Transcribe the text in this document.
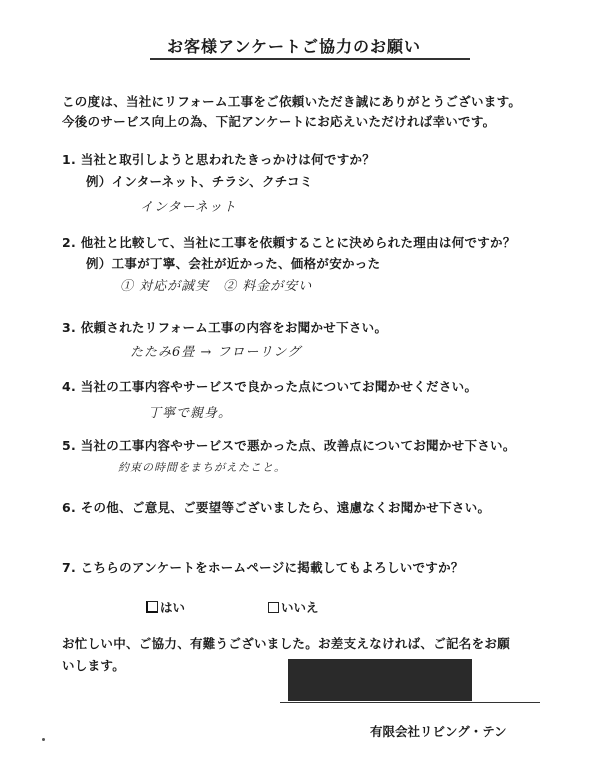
お客様アンケートご協力のお願い
この度は、当社にリフォーム工事をご依頼いただき誠にありがとうございます。
今後のサービス向上の為、下記アンケートにお応えいただければ幸いです。
1. 当社と取引しようと思われたきっかけは何ですか？
例）インターネット、チラシ、クチコミ
インターネット
2. 他社と比較して、当社に工事を依頼することに決められた理由は何ですか？
例）工事が丁寧、会社が近かった、価格が安かった
① 対応が誠実　② 料金が安い
3. 依頼されたリフォーム工事の内容をお聞かせ下さい。
たたみ6畳 → フローリング
4. 当社の工事内容やサービスで良かった点についてお聞かせください。
丁寧で親身。
5. 当社の工事内容やサービスで悪かった点、改善点についてお聞かせ下さい。
約束の時間をまちがえたこと。
6. その他、ご意見、ご要望等ございましたら、遠慮なくお聞かせ下さい。
7. こちらのアンケートをホームページに掲載してもよろしいですか？
はい	いいえ
お忙しい中、ご協力、有難うございました。お差支えなければ、ご記名をお願
いします。
有限会社リビング・テン
